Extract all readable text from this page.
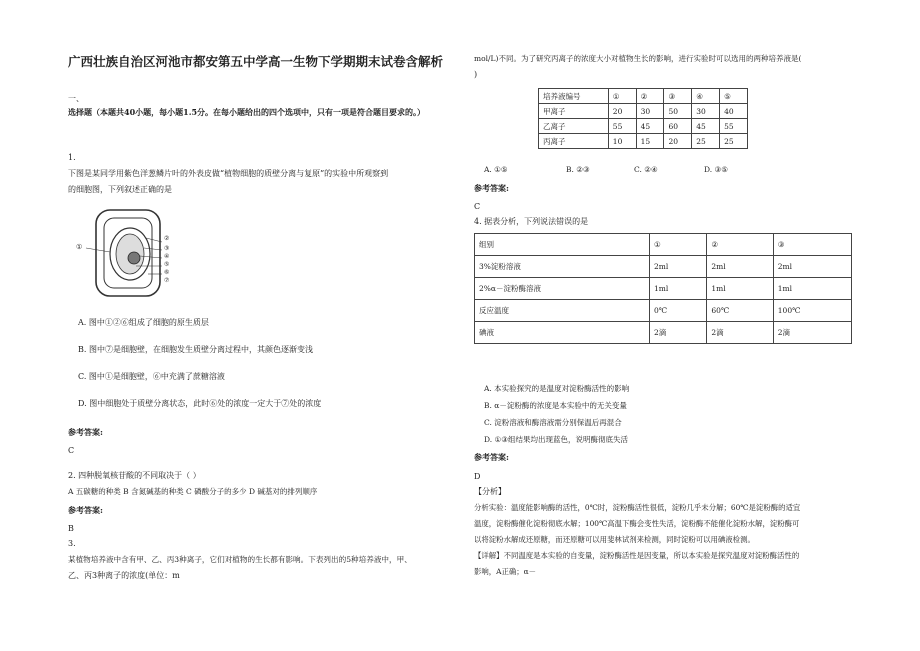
广西壮族自治区河池市都安第五中学高一生物下学期期末试卷含解析
一、
选择题（本题共40小题，每小题1.5分。在每小题给出的四个选项中，只有一项是符合题目要求的。）
1.
下图是某同学用紫色洋葱鳞片叶的外表皮做“植物细胞的质壁分离与复原”的实验中所观察到
的细胞图，下列叙述正确的是
①
②
③
④
⑤
⑥
⑦
A. 图中①②⑥组成了细胞的原生质层
B. 图中⑦是细胞壁，在细胞发生质壁分离过程中，其颜色逐渐变浅
C. 图中①是细胞壁，⑥中充满了蔗糖溶液
D. 图中细胞处于质壁分离状态，此时⑥处的浓度一定大于⑦处的浓度
参考答案:
C
2. 四种脱氧核苷酸的不同取决于（ ）
A 五碳糖的种类 B 含氮碱基的种类 C 磷酸分子的多少 D 碱基对的排列顺序
参考答案:
B
3.
某植物培养液中含有甲、乙、丙3种离子，它们对植物的生长都有影响。下表列出的5种培养液中，甲、
乙、丙3种离子的浓度(单位：m
mol/L)不同。为了研究丙离子的浓度大小对植物生长的影响，进行实验时可以选用的两种培养液是(
)
培养液编号	①	②	③	④	⑤
甲离子	20	30	50	30	40
乙离子	55	45	60	45	55
丙离子	10	15	20	25	25
A. ①⑤	B. ②③	C. ②④	D. ③⑤
参考答案:
C
4. 据表分析，下列说法错误的是
组别	①	②	③
3%淀粉溶液	2ml	2ml	2ml
2%α－淀粉酶溶液	1ml	1ml	1ml
反应温度	0℃	60℃	100℃
碘液	2滴	2滴	2滴
A. 本实验探究的是温度对淀粉酶活性的影响
B. α－淀粉酶的浓度是本实验中的无关变量
C. 淀粉溶液和酶溶液需分别保温后再混合
D. ①③组结果均出现蓝色，说明酶彻底失活
参考答案:
D
【分析】
分析实验：温度能影响酶的活性，0℃时，淀粉酶活性很低，淀粉几乎未分解；60℃是淀粉酶的适宜
温度，淀粉酶催化淀粉彻底水解；100℃高温下酶会变性失活，淀粉酶不能催化淀粉水解，淀粉酶可
以将淀粉水解成还原糖，而还原糖可以用斐林试剂来检测，同时淀粉可以用碘液检测。
【详解】不同温度是本实验的自变量，淀粉酶活性是因变量，所以本实验是探究温度对淀粉酶活性的
影响，A正确；α－
